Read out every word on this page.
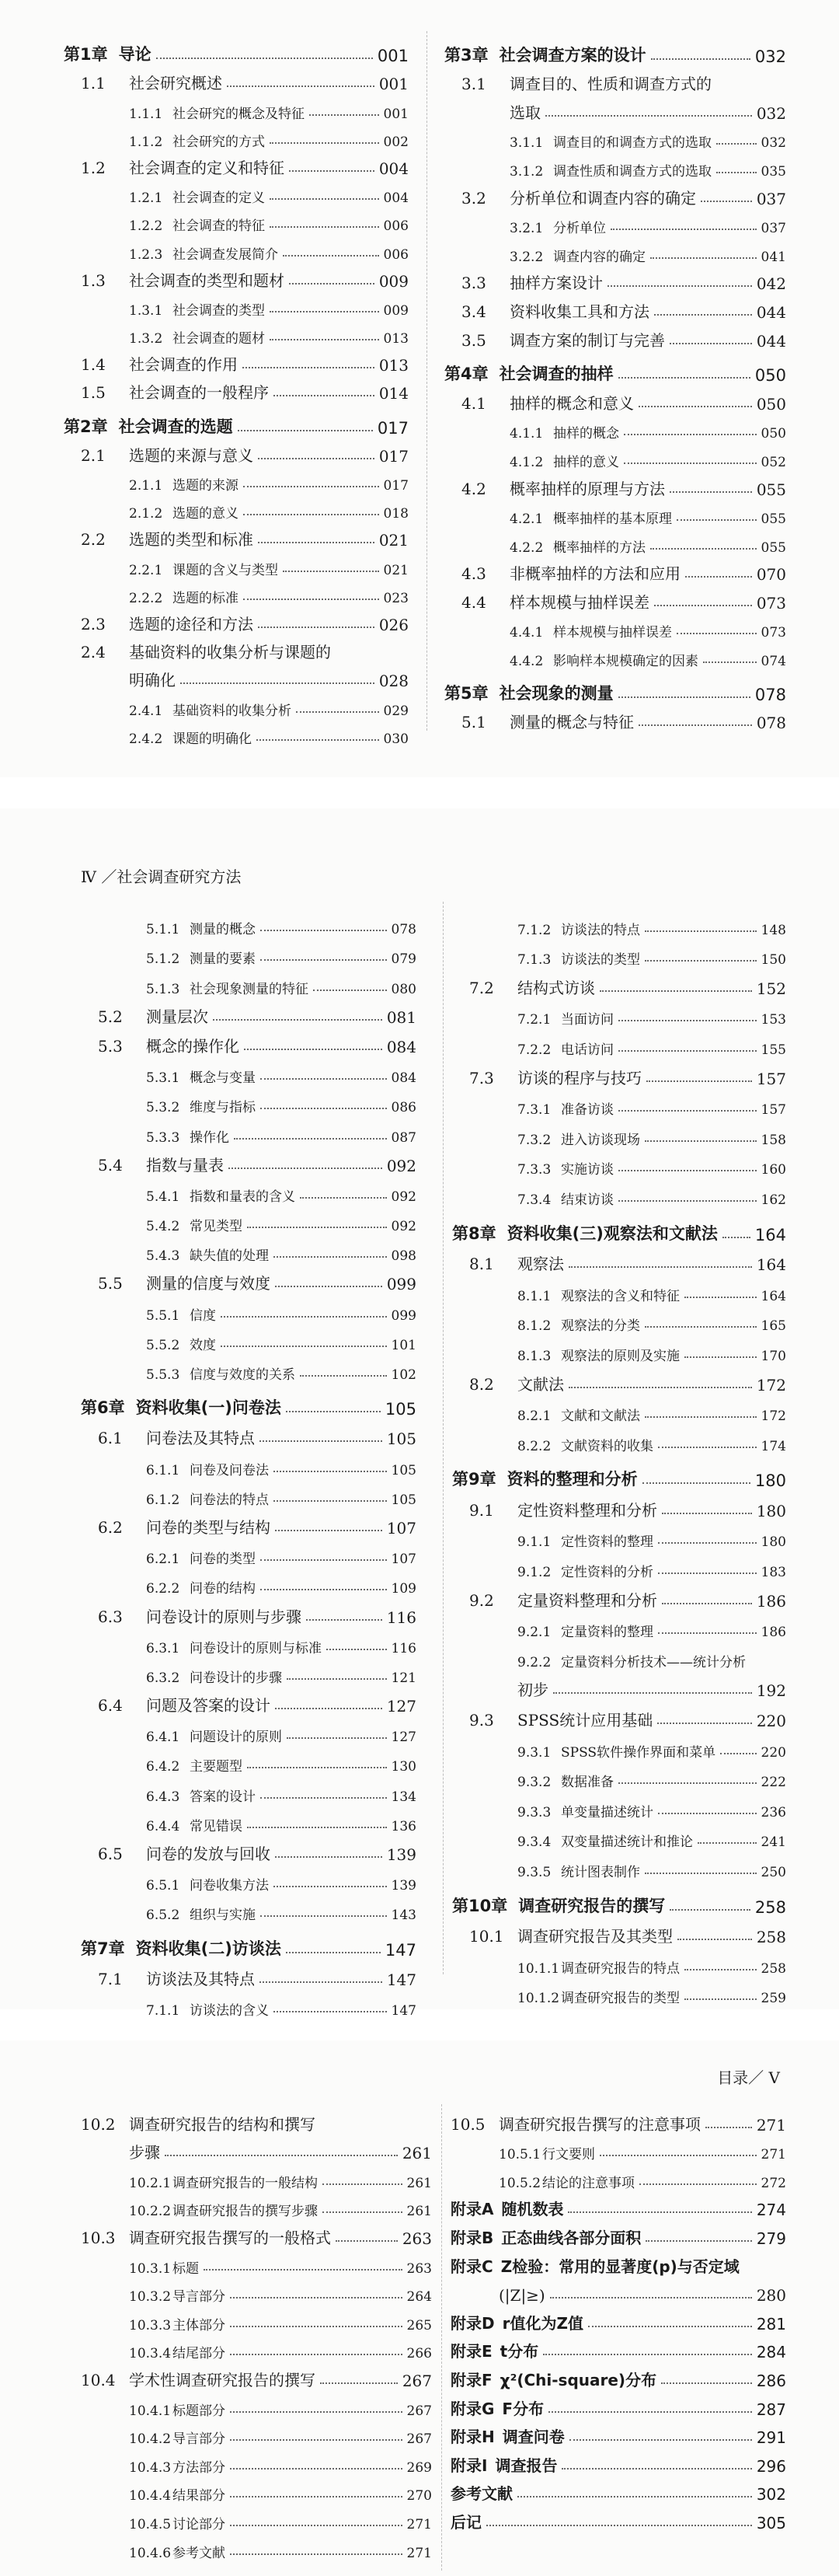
第1章 导论	001
1.1 社会研究概述	001
1.1.1 社会研究的概念及特征	001
1.1.2 社会研究的方式	002
1.2 社会调查的定义和特征	004
1.2.1 社会调查的定义	004
1.2.2 社会调查的特征	006
1.2.3 社会调查发展简介	006
1.3 社会调查的类型和题材	009
1.3.1 社会调查的类型	009
1.3.2 社会调查的题材	013
1.4 社会调查的作用	013
1.5 社会调查的一般程序	014
第2章 社会调查的选题	017
2.1 选题的来源与意义	017
2.1.1 选题的来源	017
2.1.2 选题的意义	018
2.2 选题的类型和标准	021
2.2.1 课题的含义与类型	021
2.2.2 选题的标准	023
2.3 选题的途径和方法	026
2.4 基础资料的收集分析与课题的
明确化	028
2.4.1 基础资料的收集分析	029
2.4.2 课题的明确化	030
第3章 社会调查方案的设计	032
3.1 调查目的、性质和调查方式的
选取	032
3.1.1 调查目的和调查方式的选取	032
3.1.2 调查性质和调查方式的选取	035
3.2 分析单位和调查内容的确定	037
3.2.1 分析单位	037
3.2.2 调查内容的确定	041
3.3 抽样方案设计	042
3.4 资料收集工具和方法	044
3.5 调查方案的制订与完善	044
第4章 社会调查的抽样	050
4.1 抽样的概念和意义	050
4.1.1 抽样的概念	050
4.1.2 抽样的意义	052
4.2 概率抽样的原理与方法	055
4.2.1 概率抽样的基本原理	055
4.2.2 概率抽样的方法	055
4.3 非概率抽样的方法和应用	070
4.4 样本规模与抽样误差	073
4.4.1 样本规模与抽样误差	073
4.4.2 影响样本规模确定的因素	074
第5章 社会现象的测量	078
5.1 测量的概念与特征	078
Ⅳ ／社会调查研究方法
5.1.1 测量的概念	078
5.1.2 测量的要素	079
5.1.3 社会现象测量的特征	080
5.2 测量层次	081
5.3 概念的操作化	084
5.3.1 概念与变量	084
5.3.2 维度与指标	086
5.3.3 操作化	087
5.4 指数与量表	092
5.4.1 指数和量表的含义	092
5.4.2 常见类型	092
5.4.3 缺失值的处理	098
5.5 测量的信度与效度	099
5.5.1 信度	099
5.5.2 效度	101
5.5.3 信度与效度的关系	102
第6章 资料收集(一)问卷法	105
6.1 问卷法及其特点	105
6.1.1 问卷及问卷法	105
6.1.2 问卷法的特点	105
6.2 问卷的类型与结构	107
6.2.1 问卷的类型	107
6.2.2 问卷的结构	109
6.3 问卷设计的原则与步骤	116
6.3.1 问卷设计的原则与标准	116
6.3.2 问卷设计的步骤	121
6.4 问题及答案的设计	127
6.4.1 问题设计的原则	127
6.4.2 主要题型	130
6.4.3 答案的设计	134
6.4.4 常见错误	136
6.5 问卷的发放与回收	139
6.5.1 问卷收集方法	139
6.5.2 组织与实施	143
第7章 资料收集(二)访谈法	147
7.1 访谈法及其特点	147
7.1.1 访谈法的含义	147
7.1.2 访谈法的特点	148
7.1.3 访谈法的类型	150
7.2 结构式访谈	152
7.2.1 当面访问	153
7.2.2 电话访问	155
7.3 访谈的程序与技巧	157
7.3.1 准备访谈	157
7.3.2 进入访谈现场	158
7.3.3 实施访谈	160
7.3.4 结束访谈	162
第8章 资料收集(三)观察法和文献法 164
8.1 观察法	164
8.1.1 观察法的含义和特征	164
8.1.2 观察法的分类	165
8.1.3 观察法的原则及实施	170
8.2 文献法	172
8.2.1 文献和文献法	172
8.2.2 文献资料的收集	174
第9章 资料的整理和分析	180
9.1 定性资料整理和分析	180
9.1.1 定性资料的整理	180
9.1.2 定性资料的分析	183
9.2 定量资料整理和分析	186
9.2.1 定量资料的整理	186
9.2.2 定量资料分析技术——统计分析
初步	192
9.3 SPSS统计应用基础	220
9.3.1 SPSS软件操作界面和菜单	220
9.3.2 数据准备	222
9.3.3 单变量描述统计	236
9.3.4 双变量描述统计和推论	241
9.3.5 统计图表制作	250
第10章 调查研究报告的撰写	258
10.1 调查研究报告及其类型	258
10.1.1 调查研究报告的特点	258
10.1.2 调查研究报告的类型	259
目录／ Ⅴ
10.2 调查研究报告的结构和撰写
步骤	261
10.2.1 调查研究报告的一般结构	261
10.2.2 调查研究报告的撰写步骤	261
10.3 调查研究报告撰写的一般格式	263
10.3.1 标题	263
10.3.2 导言部分	264
10.3.3 主体部分	265
10.3.4 结尾部分	266
10.4 学术性调查研究报告的撰写	267
10.4.1 标题部分	267
10.4.2 导言部分	267
10.4.3 方法部分	269
10.4.4 结果部分	270
10.4.5 讨论部分	271
10.4.6 参考文献	271
10.5 调查研究报告撰写的注意事项	271
10.5.1 行文要则	271
10.5.2 结论的注意事项	272
附录A 随机数表	274
附录B 正态曲线各部分面积	279
附录C Z检验：常用的显著度(p)与否定域
(|Z|≥)	280
附录D r值化为Z值	281
附录E t分布	284
附录F χ²(Chi-square)分布	286
附录G F分布	287
附录H 调查问卷	291
附录I 调查报告	296
参考文献	302
后记	305
